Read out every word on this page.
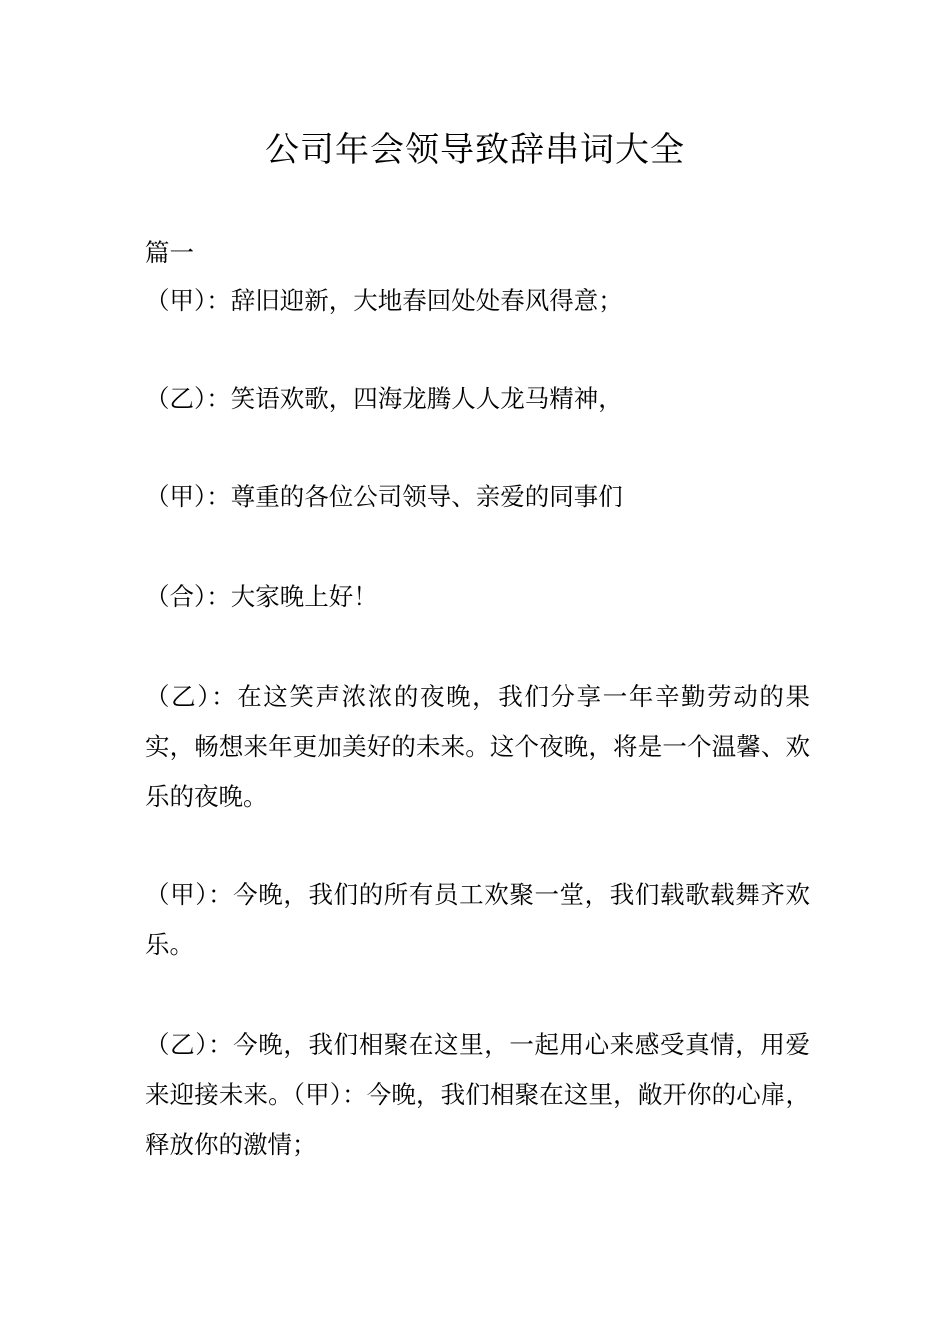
公司年会领导致辞串词大全

篇一

（甲）：辞旧迎新，大地春回处处春风得意；

（乙）：笑语欢歌，四海龙腾人人龙马精神，

（甲）：尊重的各位公司领导、亲爱的同事们

（合）：大家晚上好！

（乙）：在这笑声浓浓的夜晚，我们分享一年辛勤劳动的果实，畅想来年更加美好的未来。这个夜晚，将是一个温馨、欢乐的夜晚。

（甲）：今晚，我们的所有员工欢聚一堂，我们载歌载舞齐欢乐。

（乙）：今晚，我们相聚在这里，一起用心来感受真情，用爱来迎接未来。（甲）：今晚，我们相聚在这里，敞开你的心扉，释放你的激情；
